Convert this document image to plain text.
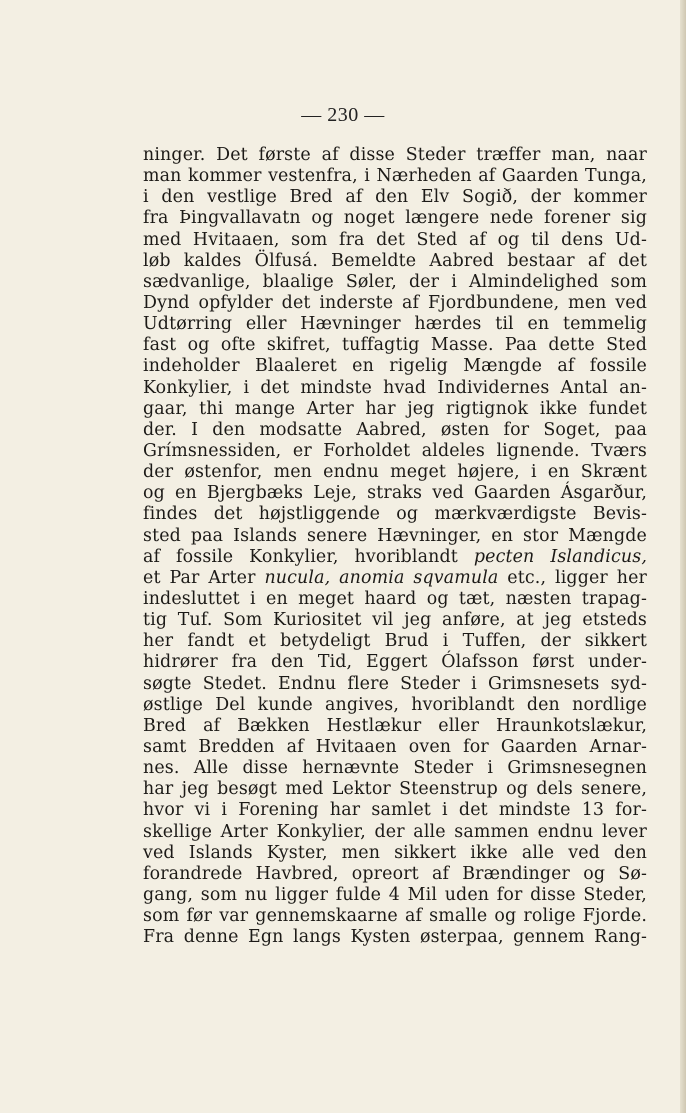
— 230 —
ninger. Det første af disse Steder træffer man, naar
man kommer vestenfra, i Nærheden af Gaarden Tunga,
i den vestlige Bred af den Elv Sogið, der kommer
fra Þingvallavatn og noget længere nede forener sig
med Hvitaaen, som fra det Sted af og til dens Ud-
løb kaldes Ölfusá. Bemeldte Aabred bestaar af det
sædvanlige, blaalige Søler, der i Almindelighed som
Dynd opfylder det inderste af Fjordbundene, men ved
Udtørring eller Hævninger hærdes til en temmelig
fast og ofte skifret, tuffagtig Masse. Paa dette Sted
indeholder Blaaleret en rigelig Mængde af fossile
Konkylier, i det mindste hvad Individernes Antal an-
gaar, thi mange Arter har jeg rigtignok ikke fundet
der. I den modsatte Aabred, østen for Soget, paa
Grímsnessiden, er Forholdet aldeles lignende. Tværs
der østenfor, men endnu meget højere, i en Skrænt
og en Bjergbæks Leje, straks ved Gaarden Ásgarður,
findes det højstliggende og mærkværdigste Bevis-
sted paa Islands senere Hævninger, en stor Mængde
af fossile Konkylier, hvoriblandt pecten Islandicus,
et Par Arter nucula, anomia sqvamula etc., ligger her
indesluttet i en meget haard og tæt, næsten trapag-
tig Tuf. Som Kuriositet vil jeg anføre, at jeg etsteds
her fandt et betydeligt Brud i Tuffen, der sikkert
hidrører fra den Tid, Eggert Ólafsson først under-
søgte Stedet. Endnu flere Steder i Grimsnesets syd-
østlige Del kunde angives, hvoriblandt den nordlige
Bred af Bækken Hestlækur eller Hraunkotslækur,
samt Bredden af Hvitaaen oven for Gaarden Arnar-
nes. Alle disse hernævnte Steder i Grimsnesegnen
har jeg besøgt med Lektor Steenstrup og dels senere,
hvor vi i Forening har samlet i det mindste 13 for-
skellige Arter Konkylier, der alle sammen endnu lever
ved Islands Kyster, men sikkert ikke alle ved den
forandrede Havbred, opreort af Brændinger og Sø-
gang, som nu ligger fulde 4 Mil uden for disse Steder,
som før var gennemskaarne af smalle og rolige Fjorde.
Fra denne Egn langs Kysten østerpaa, gennem Rang-
